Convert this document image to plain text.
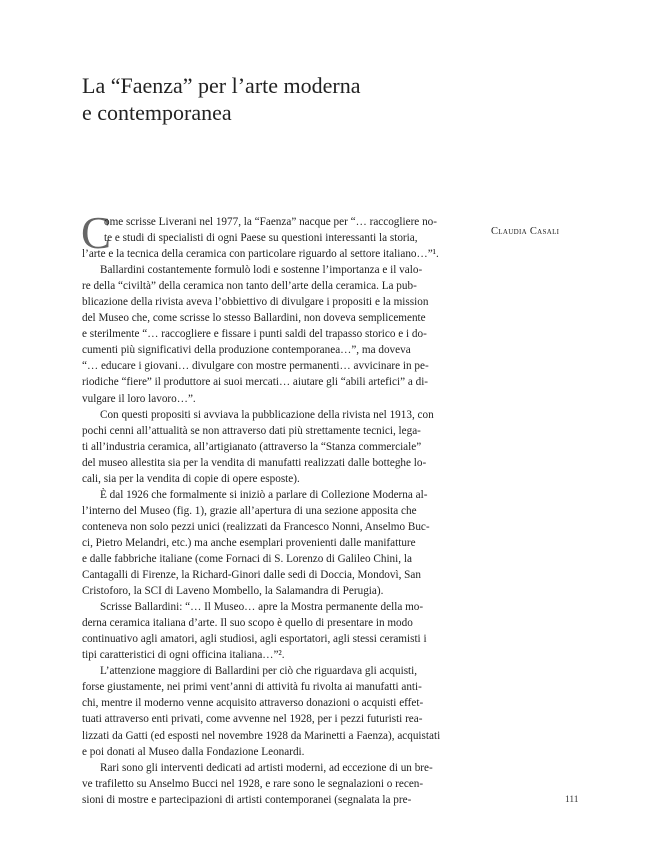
La “Faenza” per l’arte moderna
e contemporanea
Claudia Casali
C
ome scrisse Liverani nel 1977, la “Faenza” nacque per “… raccogliere no-
te e studi di specialisti di ogni Paese su questioni interessanti la storia,
l’arte e la tecnica della ceramica con particolare riguardo al settore italiano…”¹.
Ballardini costantemente formulò lodi e sostenne l’importanza e il valo-
re della “civiltà” della ceramica non tanto dell’arte della ceramica. La pub-
blicazione della rivista aveva l’obbiettivo di divulgare i propositi e la mission
del Museo che, come scrisse lo stesso Ballardini, non doveva semplicemente
e sterilmente “… raccogliere e fissare i punti saldi del trapasso storico e i do-
cumenti più significativi della produzione contemporanea…”, ma doveva
“… educare i giovani… divulgare con mostre permanenti… avvicinare in pe-
riodiche “fiere” il produttore ai suoi mercati… aiutare gli “abili artefici” a di-
vulgare il loro lavoro…”.
Con questi propositi si avviava la pubblicazione della rivista nel 1913, con
pochi cenni all’attualità se non attraverso dati più strettamente tecnici, lega-
ti all’industria ceramica, all’artigianato (attraverso la “Stanza commerciale”
del museo allestita sia per la vendita di manufatti realizzati dalle botteghe lo-
cali, sia per la vendita di copie di opere esposte).
È dal 1926 che formalmente si iniziò a parlare di Collezione Moderna al-
l’interno del Museo (fig. 1), grazie all’apertura di una sezione apposita che
conteneva non solo pezzi unici (realizzati da Francesco Nonni, Anselmo Buc-
ci, Pietro Melandri, etc.) ma anche esemplari provenienti dalle manifatture
e dalle fabbriche italiane (come Fornaci di S. Lorenzo di Galileo Chini, la
Cantagalli di Firenze, la Richard-Ginori dalle sedi di Doccia, Mondovì, San
Cristoforo, la SCI di Laveno Mombello, la Salamandra di Perugia).
Scrisse Ballardini: “… Il Museo… apre la Mostra permanente della mo-
derna ceramica italiana d’arte. Il suo scopo è quello di presentare in modo
continuativo agli amatori, agli studiosi, agli esportatori, agli stessi ceramisti i
tipi caratteristici di ogni officina italiana…”².
L’attenzione maggiore di Ballardini per ciò che riguardava gli acquisti,
forse giustamente, nei primi vent’anni di attività fu rivolta ai manufatti anti-
chi, mentre il moderno venne acquisito attraverso donazioni o acquisti effet-
tuati attraverso enti privati, come avvenne nel 1928, per i pezzi futuristi rea-
lizzati da Gatti (ed esposti nel novembre 1928 da Marinetti a Faenza), acquistati
e poi donati al Museo dalla Fondazione Leonardi.
Rari sono gli interventi dedicati ad artisti moderni, ad eccezione di un bre-
ve trafiletto su Anselmo Bucci nel 1928, e rare sono le segnalazioni o recen-
sioni di mostre e partecipazioni di artisti contemporanei (segnalata la pre-	111
